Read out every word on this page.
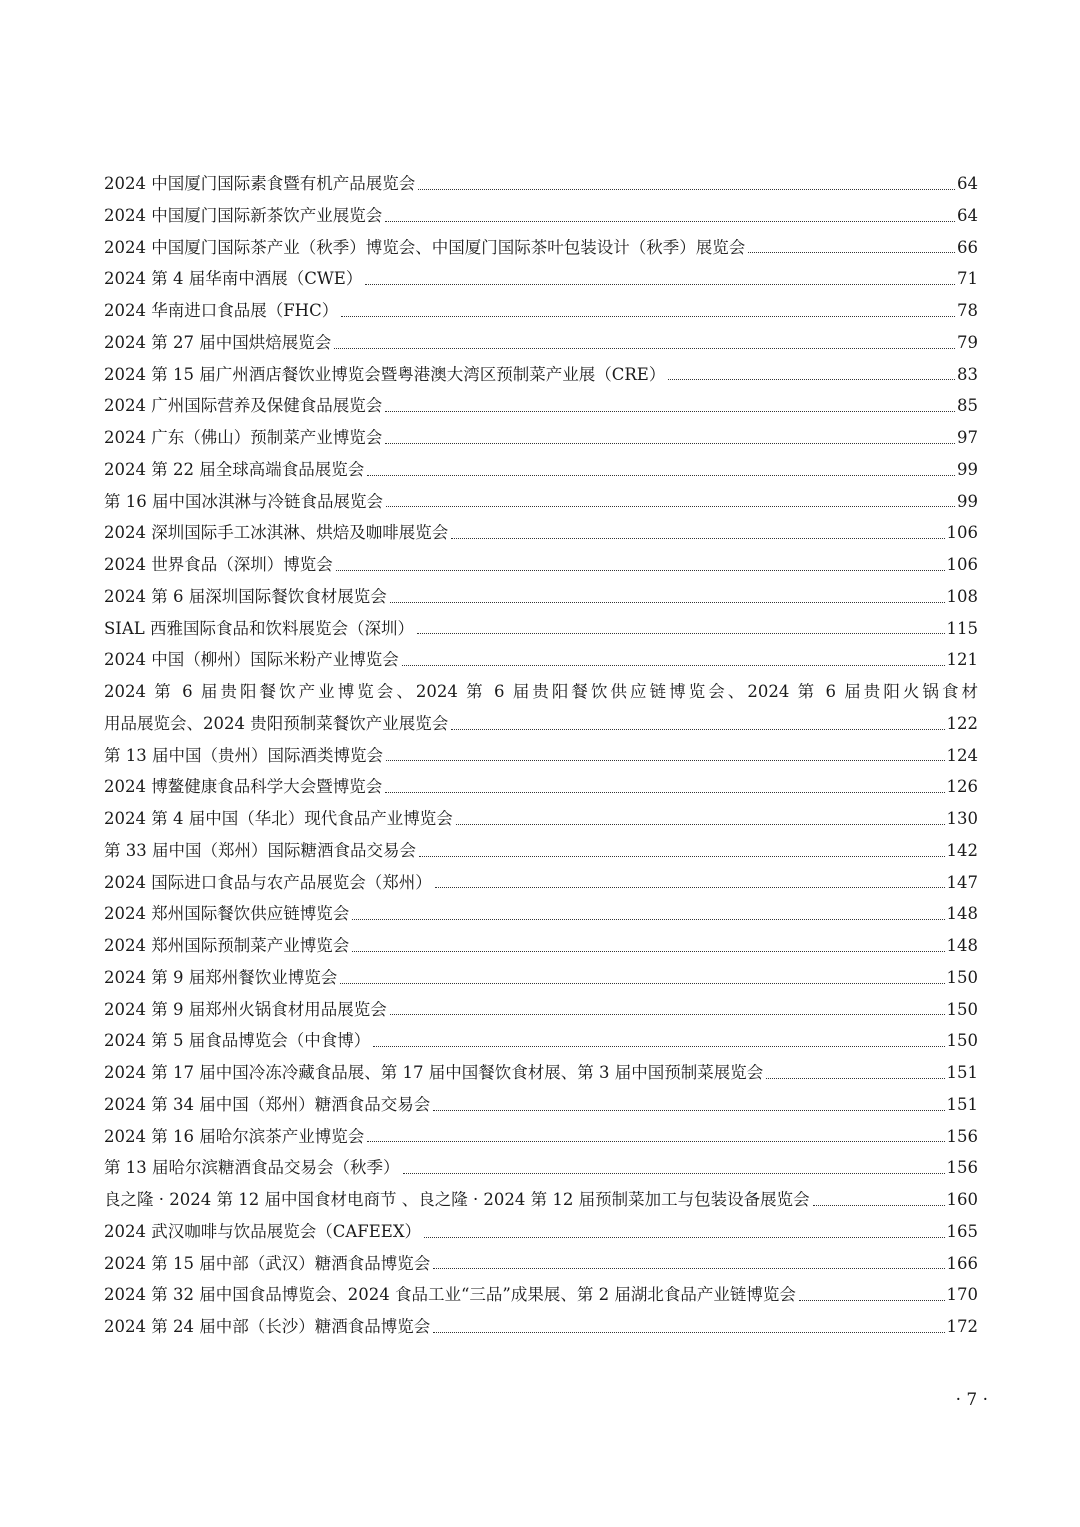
2024 中国厦门国际素食暨有机产品展览会	64
2024 中国厦门国际新茶饮产业展览会	64
2024 中国厦门国际茶产业（秋季）博览会、中国厦门国际茶叶包装设计（秋季）展览会	66
2024 第 4 届华南中酒展（CWE）	71
2024 华南进口食品展（FHC）	78
2024 第 27 届中国烘焙展览会	79
2024 第 15 届广州酒店餐饮业博览会暨粤港澳大湾区预制菜产业展（CRE）	83
2024 广州国际营养及保健食品展览会	85
2024 广东（佛山）预制菜产业博览会	97
2024 第 22 届全球高端食品展览会	99
第 16 届中国冰淇淋与冷链食品展览会	99
2024 深圳国际手工冰淇淋、烘焙及咖啡展览会	106
2024 世界食品（深圳）博览会	106
2024 第 6 届深圳国际餐饮食材展览会	108
SIAL 西雅国际食品和饮料展览会（深圳）	115
2024 中国（柳州）国际米粉产业博览会	121
2024 第 6 届贵阳餐饮产业博览会、2024 第 6 届贵阳餐饮供应链博览会、2024 第 6 届贵阳火锅食材
用品展览会、2024 贵阳预制菜餐饮产业展览会	122
第 13 届中国（贵州）国际酒类博览会	124
2024 博鳌健康食品科学大会暨博览会	126
2024 第 4 届中国（华北）现代食品产业博览会	130
第 33 届中国（郑州）国际糖酒食品交易会	142
2024 国际进口食品与农产品展览会（郑州）	147
2024 郑州国际餐饮供应链博览会	148
2024 郑州国际预制菜产业博览会	148
2024 第 9 届郑州餐饮业博览会	150
2024 第 9 届郑州火锅食材用品展览会	150
2024 第 5 届食品博览会（中食博）	150
2024 第 17 届中国冷冻冷藏食品展、第 17 届中国餐饮食材展、第 3 届中国预制菜展览会	151
2024 第 34 届中国（郑州）糖酒食品交易会	151
2024 第 16 届哈尔滨茶产业博览会	156
第 13 届哈尔滨糖酒食品交易会（秋季）	156
良之隆 · 2024 第 12 届中国食材电商节 、良之隆 · 2024 第 12 届预制菜加工与包装设备展览会	160
2024 武汉咖啡与饮品展览会（CAFEEX）	165
2024 第 15 届中部（武汉）糖酒食品博览会	166
2024 第 32 届中国食品博览会、2024 食品工业“三品”成果展、第 2 届湖北食品产业链博览会	170
2024 第 24 届中部（长沙）糖酒食品博览会	172
· 7 ·
